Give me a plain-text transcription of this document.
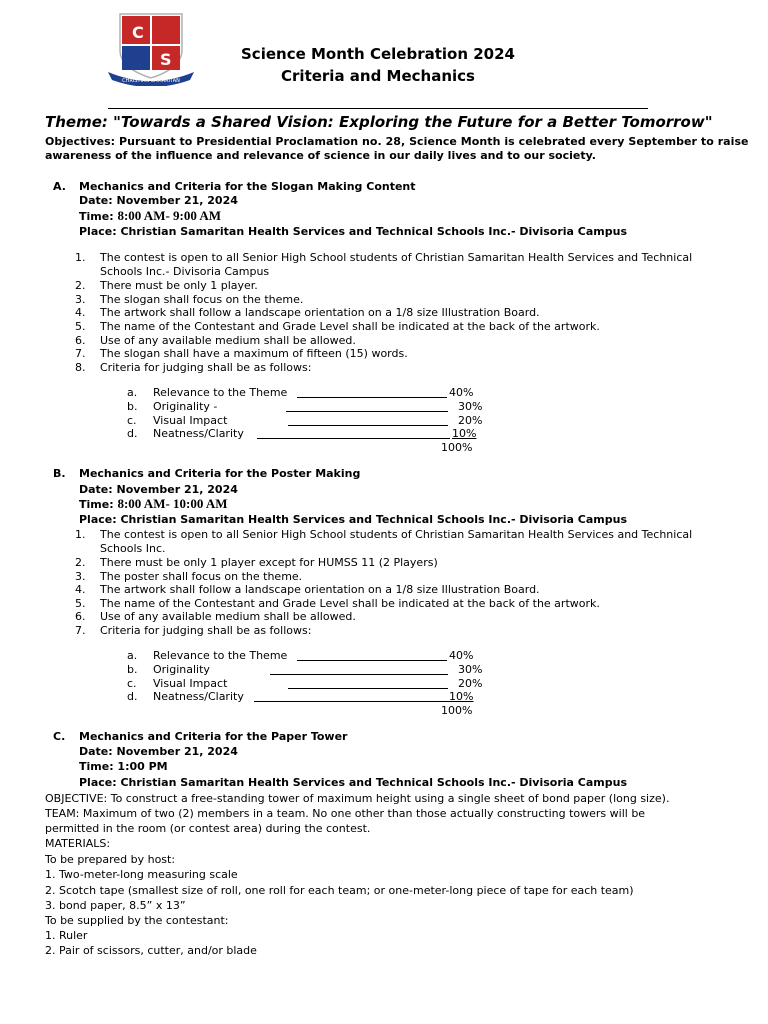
C
S
CHRISTIAN SAMARITAN
Science Month Celebration 2024
Criteria and Mechanics
Theme: "Towards a Shared Vision: Exploring the Future for a Better Tomorrow"
Objectives: Pursuant to Presidential Proclamation no. 28, Science Month is celebrated every September to raise
awareness of the influence and relevance of science in our daily lives and to our society.
A. Mechanics and Criteria for the Slogan Making Content
Date: November 21, 2024
Time: 8:00 AM- 9:00 AM
Place: Christian Samaritan Health Services and Technical Schools Inc.- Divisoria Campus
1. The contest is open to all Senior High School students of Christian Samaritan Health Services and Technical
Schools Inc.- Divisoria Campus
2. There must be only 1 player.
3. The slogan shall focus on the theme.
4. The artwork shall follow a landscape orientation on a 1/8 size Illustration Board.
5. The name of the Contestant and Grade Level shall be indicated at the back of the artwork.
6. Use of any available medium shall be allowed.
7. The slogan shall have a maximum of fifteen (15) words.
8. Criteria for judging shall be as follows:
a. Relevance to the Theme	40%
b. Originality -	30%
c. Visual Impact	20%
d. Neatness/Clarity	10%
100%
B. Mechanics and Criteria for the Poster Making
Date: November 21, 2024
Time: 8:00 AM- 10:00 AM
Place: Christian Samaritan Health Services and Technical Schools Inc.- Divisoria Campus
1. The contest is open to all Senior High School students of Christian Samaritan Health Services and Technical
Schools Inc.
2. There must be only 1 player except for HUMSS 11 (2 Players)
3. The poster shall focus on the theme.
4. The artwork shall follow a landscape orientation on a 1/8 size Illustration Board.
5. The name of the Contestant and Grade Level shall be indicated at the back of the artwork.
6. Use of any available medium shall be allowed.
7. Criteria for judging shall be as follows:
a. Relevance to the Theme	40%
b. Originality	30%
c. Visual Impact	20%
d. Neatness/Clarity	10%
100%
C. Mechanics and Criteria for the Paper Tower
Date: November 21, 2024
Time: 1:00 PM
Place: Christian Samaritan Health Services and Technical Schools Inc.- Divisoria Campus
OBJECTIVE: To construct a free-standing tower of maximum height using a single sheet of bond paper (long size).
TEAM: Maximum of two (2) members in a team. No one other than those actually constructing towers will be
permitted in the room (or contest area) during the contest.
MATERIALS:
To be prepared by host:
1. Two-meter-long measuring scale
2. Scotch tape (smallest size of roll, one roll for each team; or one-meter-long piece of tape for each team)
3. bond paper, 8.5” x 13”
To be supplied by the contestant:
1. Ruler
2. Pair of scissors, cutter, and/or blade
